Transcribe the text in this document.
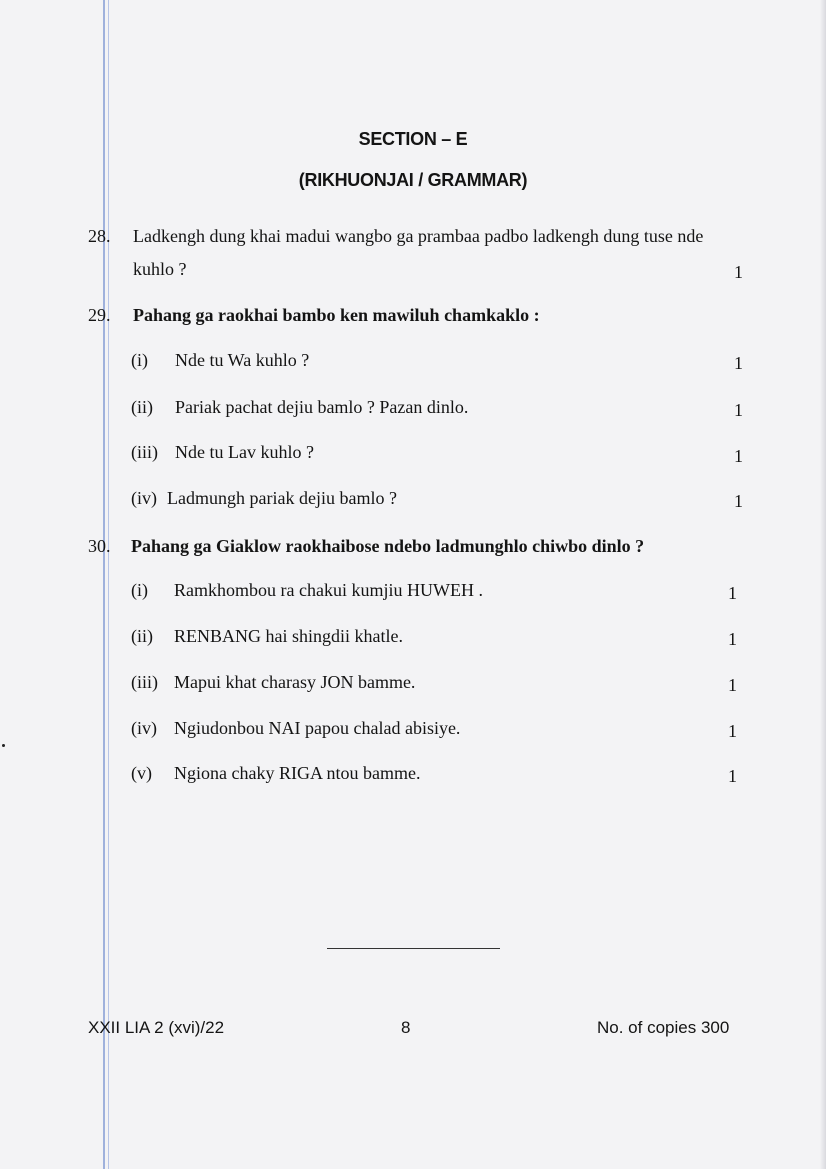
SECTION – E
(RIKHUONJAI / GRAMMAR)
28. Ladkengh dung khai madui wangbo ga prambaa padbo ladkengh dung tuse nde
kuhlo ?	1
29. Pahang ga raokhai bambo ken mawiluh chamkaklo :
(i) Nde tu Wa kuhlo ?	1
(ii) Pariak pachat dejiu bamlo ? Pazan dinlo.	1
(iii) Nde tu Lav kuhlo ?	1
(iv) Ladmungh pariak dejiu bamlo ?	1
30. Pahang ga Giaklow raokhaibose ndebo ladmunghlo chiwbo dinlo ?
(i) Ramkhombou ra chakui kumjiu HUWEH .	1
(ii) RENBANG hai shingdii khatle.	1
(iii) Mapui khat charasy JON bamme.	1
(iv) Ngiudonbou NAI papou chalad abisiye.	1
(v) Ngiona chaky RIGA ntou bamme.	1
XXII LIA 2 (xvi)/22	8	No. of copies 300
